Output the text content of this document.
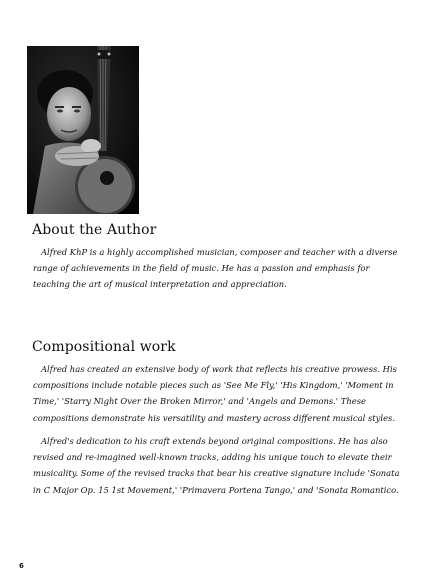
About the Author

Alfred KhP is a highly accomplished musician, composer and teacher with a diverse range of achievements in the field of music. He has a passion and emphasis for teaching the art of musical interpretation and appreciation.

Compositional work

Alfred has created an extensive body of work that reflects his creative prowess. His compositions include notable pieces such as 'See Me Fly,' 'His Kingdom,' 'Moment in Time,' 'Starry Night Over the Broken Mirror,' and 'Angels and Demons.' These compositions demonstrate his versatility and mastery across different musical styles.

Alfred's dedication to his craft extends beyond original compositions. He has also revised and re-imagined well-known tracks, adding his unique touch to elevate their musicality. Some of the revised tracks that bear his creative signature include 'Sonata in C Major Op. 15 1st Movement,' 'Primavera Portena Tango,' and 'Sonata Romantico.

6
